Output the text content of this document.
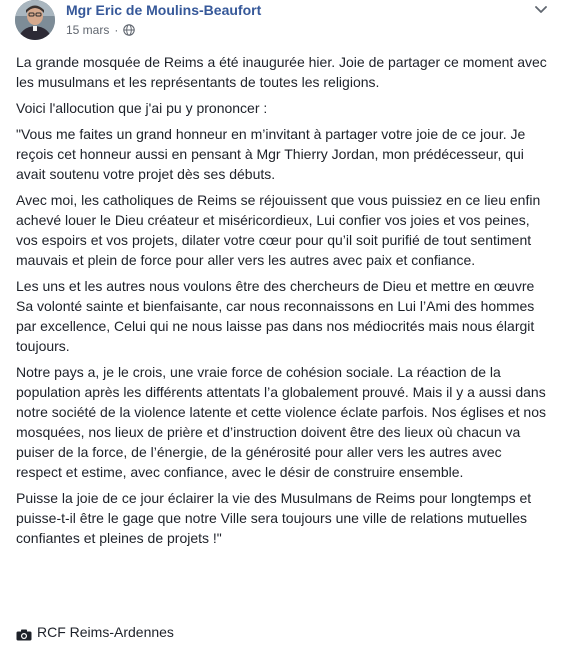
Mgr Eric de Moulins-Beaufort
15 mars ·

La grande mosquée de Reims a été inaugurée hier. Joie de partager ce moment avec les musulmans et les représentants de toutes les religions.

Voici l'allocution que j'ai pu y prononcer :

"Vous me faites un grand honneur en m’invitant à partager votre joie de ce jour. Je reçois cet honneur aussi en pensant à Mgr Thierry Jordan, mon prédécesseur, qui avait soutenu votre projet dès ses débuts.

Avec moi, les catholiques de Reims se réjouissent que vous puissiez en ce lieu enfin achevé louer le Dieu créateur et miséricordieux, Lui confier vos joies et vos peines, vos espoirs et vos projets, dilater votre cœur pour qu’il soit purifié de tout sentiment mauvais et plein de force pour aller vers les autres avec paix et confiance.

Les uns et les autres nous voulons être des chercheurs de Dieu et mettre en œuvre Sa volonté sainte et bienfaisante, car nous reconnaissons en Lui l’Ami des hommes par excellence, Celui qui ne nous laisse pas dans nos médiocrités mais nous élargit toujours.

Notre pays a, je le crois, une vraie force de cohésion sociale. La réaction de la population après les différents attentats l’a globalement prouvé. Mais il y a aussi dans notre société de la violence latente et cette violence éclate parfois. Nos églises et nos mosquées, nos lieux de prière et d’instruction doivent être des lieux où chacun va puiser de la force, de l’énergie, de la générosité pour aller vers les autres avec respect et estime, avec confiance, avec le désir de construire ensemble.

Puisse la joie de ce jour éclairer la vie des Musulmans de Reims pour longtemps et puisse-t-il être le gage que notre Ville sera toujours une ville de relations mutuelles confiantes et pleines de projets !"

RCF Reims-Ardennes
